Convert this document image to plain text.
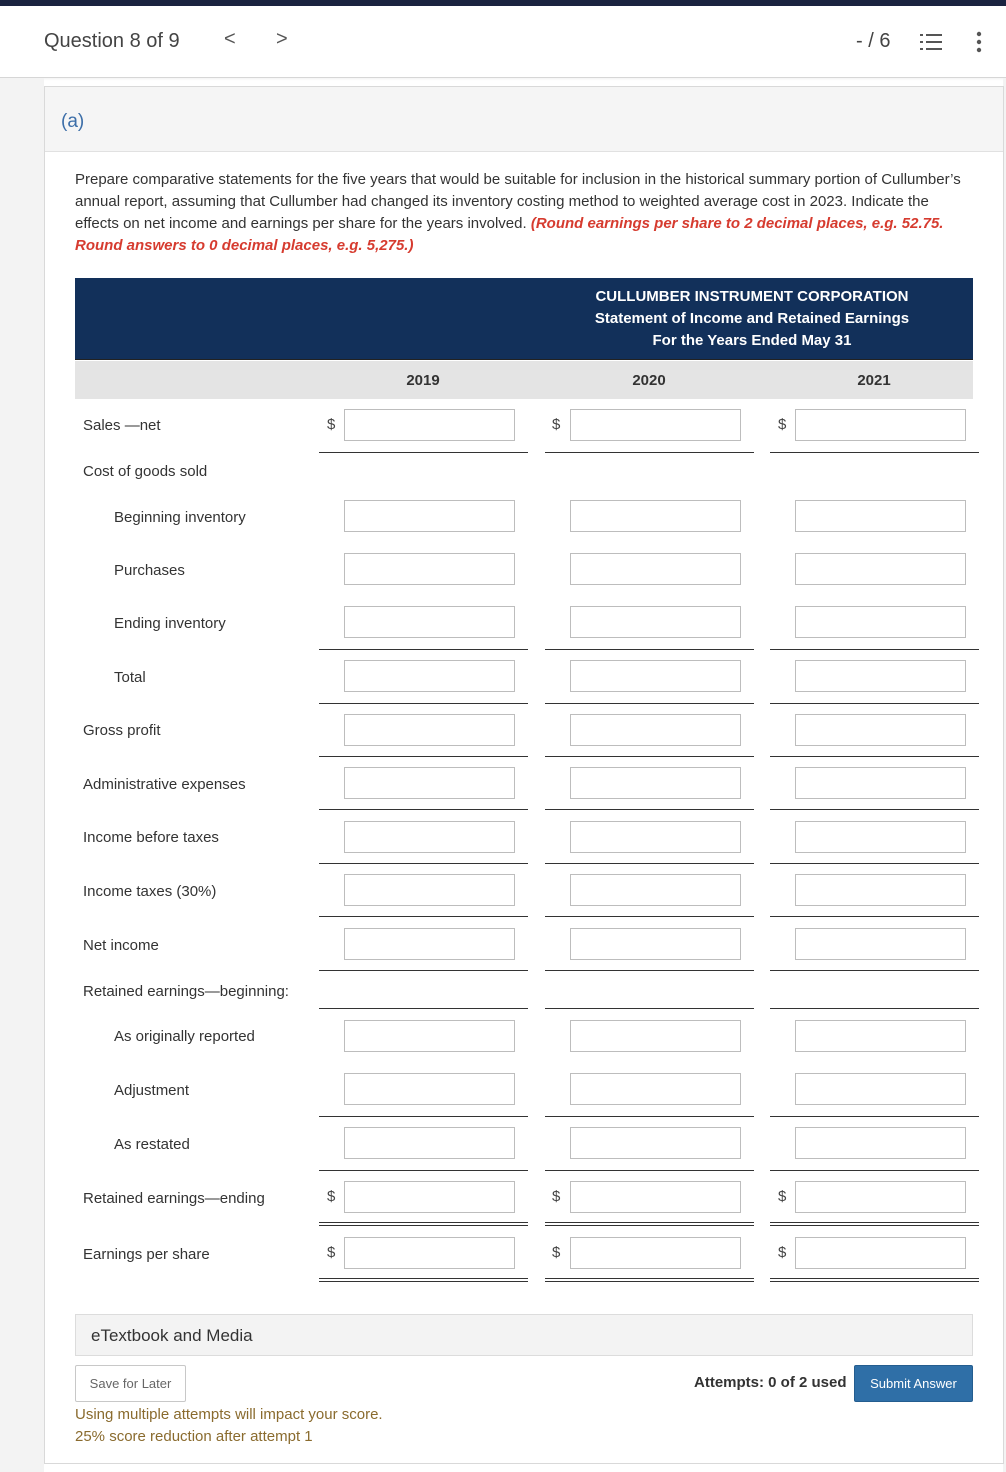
Question 8 of 9 < >	- / 6
(a)

Prepare comparative statements for the five years that would be suitable for inclusion in the historical summary portion of Cullumber’s annual report, assuming that Cullumber had changed its inventory costing method to weighted average cost in 2023. Indicate the effects on net income and earnings per share for the years involved. (Round earnings per share to 2 decimal places, e.g. 52.75. Round answers to 0 decimal places, e.g. 5,275.)

CULLUMBER INSTRUMENT CORPORATION
Statement of Income and Retained Earnings
For the Years Ended May 31
2019	2020	2021
Sales —net	$	$	$
Cost of goods sold
Beginning inventory
Purchases
Ending inventory
Total
Gross profit
Administrative expenses
Income before taxes
Income taxes (30%)
Net income
Retained earnings—beginning:
As originally reported
Adjustment
As restated
Retained earnings—ending	$	$	$
Earnings per share	$	$	$
eTextbook and Media
Save for Later	Attempts: 0 of 2 used	Submit Answer
Using multiple attempts will impact your score.
25% score reduction after attempt 1
